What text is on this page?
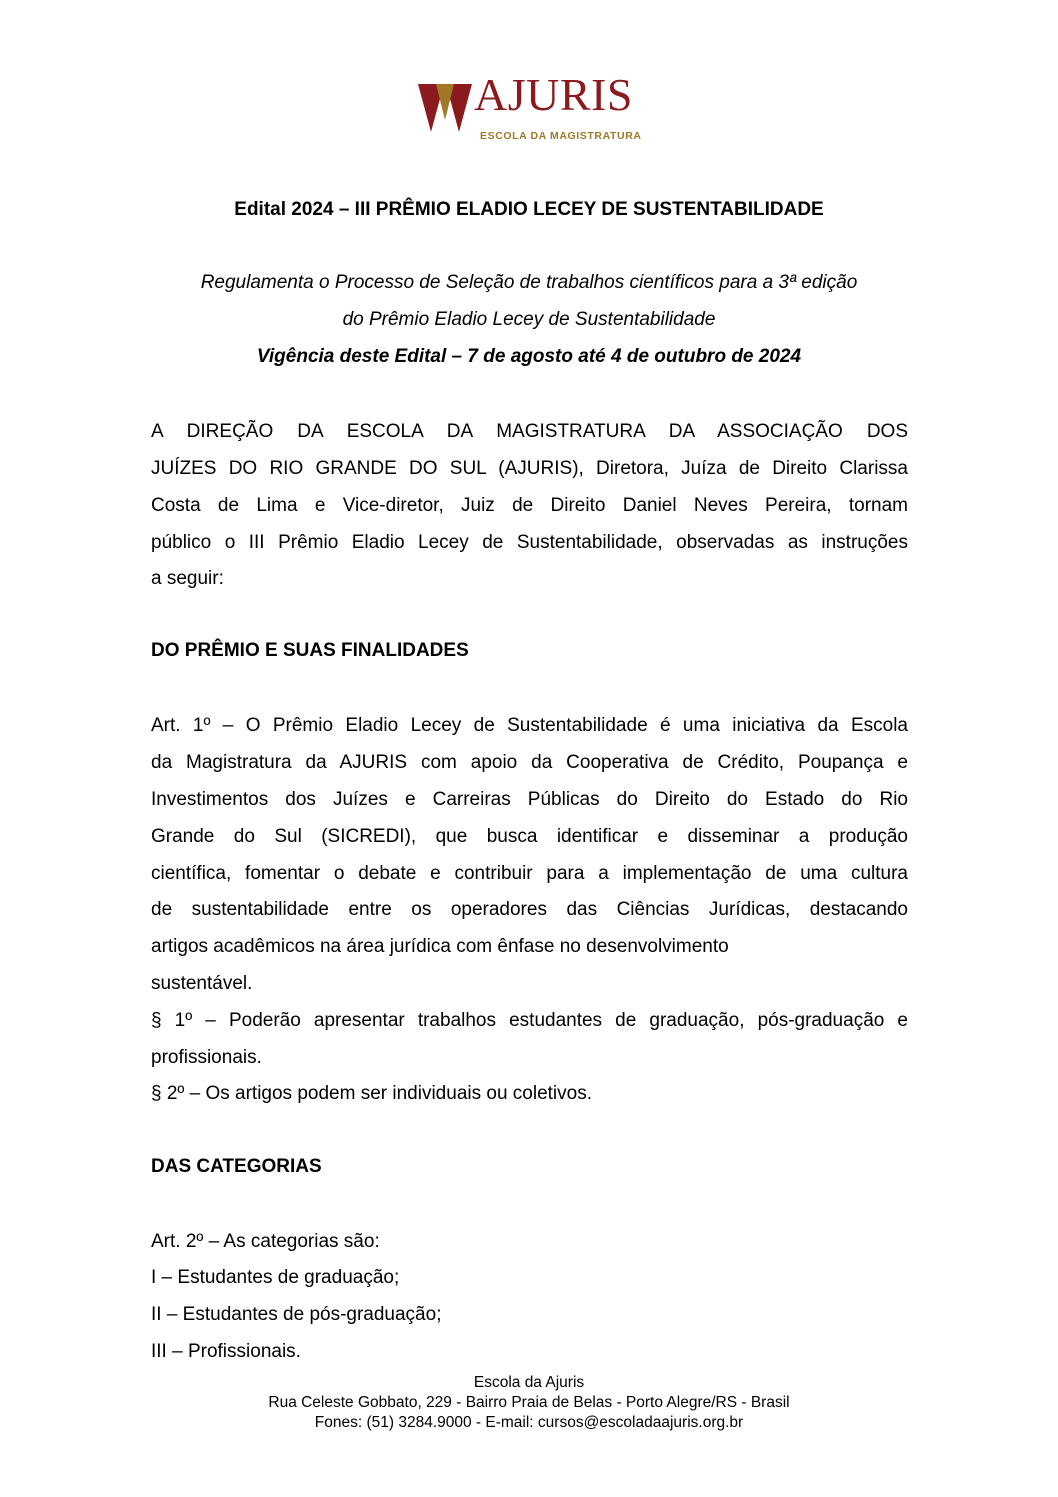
AJURIS
ESCOLA DA MAGISTRATURA
Edital 2024 – III PRÊMIO ELADIO LECEY DE SUSTENTABILIDADE
Regulamenta o Processo de Seleção de trabalhos científicos para a 3ª edição
do Prêmio Eladio Lecey de Sustentabilidade
Vigência deste Edital – 7 de agosto até 4 de outubro de 2024
A DIREÇÃO DA ESCOLA DA MAGISTRATURA DA ASSOCIAÇÃO DOS
JUÍZES DO RIO GRANDE DO SUL (AJURIS), Diretora, Juíza de Direito Clarissa
Costa de Lima e Vice-diretor, Juiz de Direito Daniel Neves Pereira, tornam
público o III Prêmio Eladio Lecey de Sustentabilidade, observadas as instruções
a seguir:
DO PRÊMIO E SUAS FINALIDADES
Art. 1º – O Prêmio Eladio Lecey de Sustentabilidade é uma iniciativa da Escola
da Magistratura da AJURIS com apoio da Cooperativa de Crédito, Poupança e
Investimentos dos Juízes e Carreiras Públicas do Direito do Estado do Rio
Grande do Sul (SICREDI), que busca identificar e disseminar a produção
científica, fomentar o debate e contribuir para a implementação de uma cultura
de sustentabilidade entre os operadores das Ciências Jurídicas, destacando
artigos acadêmicos na área jurídica com ênfase no desenvolvimento
sustentável.
§ 1º – Poderão apresentar trabalhos estudantes de graduação, pós-graduação e
profissionais.
§ 2º – Os artigos podem ser individuais ou coletivos.
DAS CATEGORIAS
Art. 2º – As categorias são:
I – Estudantes de graduação;
II – Estudantes de pós-graduação;
III – Profissionais.
Escola da Ajuris
Rua Celeste Gobbato, 229 - Bairro Praia de Belas - Porto Alegre/RS - Brasil
Fones: (51) 3284.9000 - E-mail: cursos@escoladaajuris.org.br
